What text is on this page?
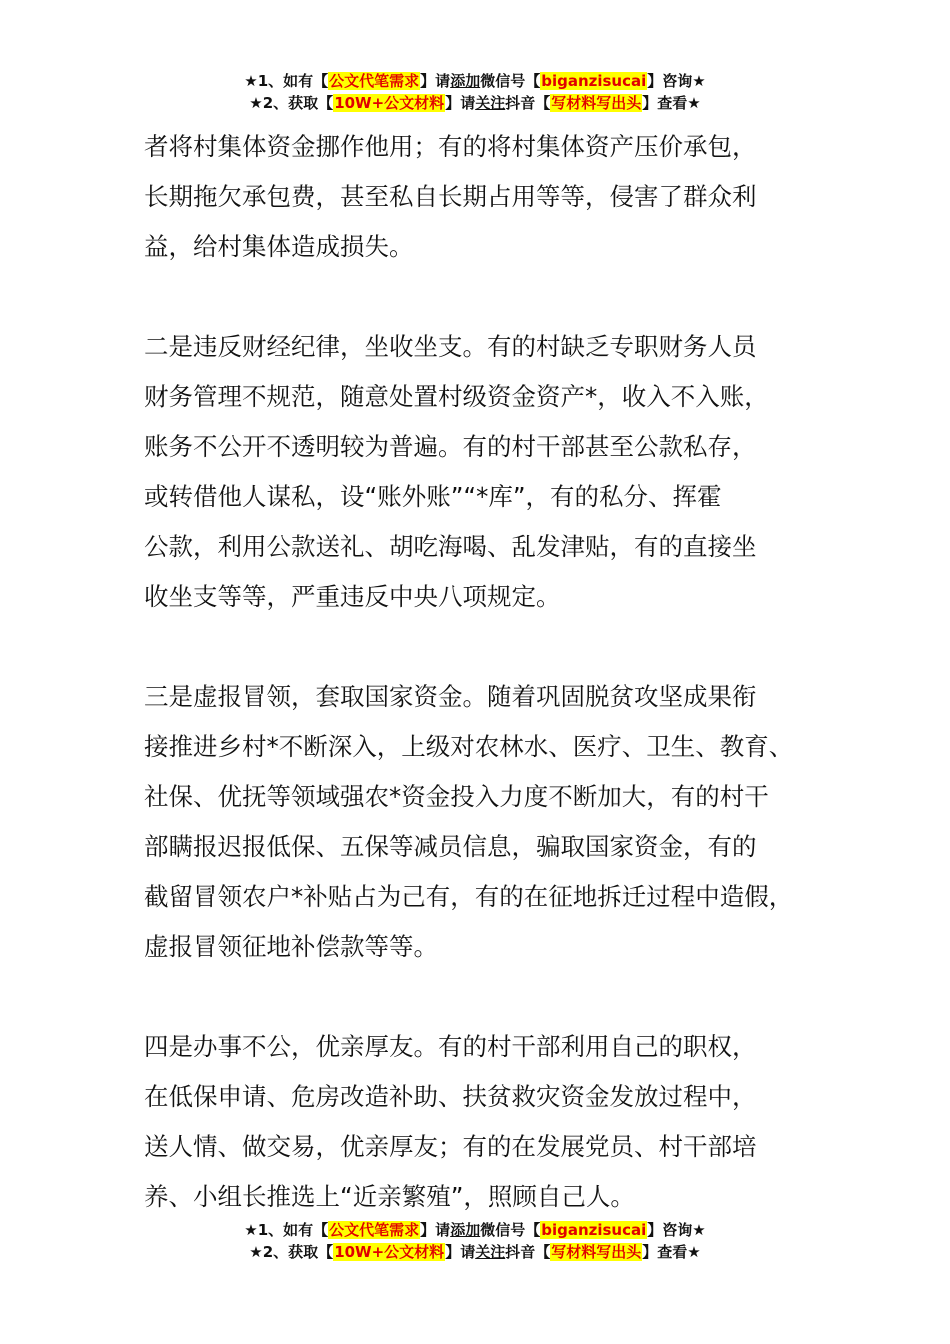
★1、如有【公文代笔需求】请添加微信号【biganzisucai】咨询★
★2、获取【10W+公文材料】请关注抖音【写材料写出头】查看★
者将村集体资金挪作他用；有的将村集体资产压价承包，
长期拖欠承包费，甚至私自长期占用等等，侵害了群众利
益，给村集体造成损失。
二是违反财经纪律，坐收坐支。有的村缺乏专职财务人员
财务管理不规范，随意处置村级资金资产*，收入不入账，
账务不公开不透明较为普遍。有的村干部甚至公款私存，
或转借他人谋私，设“账外账”“*库”，有的私分、挥霍
公款，利用公款送礼、胡吃海喝、乱发津贴，有的直接坐
收坐支等等，严重违反中央八项规定。
三是虚报冒领，套取国家资金。随着巩固脱贫攻坚成果衔
接推进乡村*不断深入，上级对农林水、医疗、卫生、教育、
社保、优抚等领域强农*资金投入力度不断加大，有的村干
部瞒报迟报低保、五保等减员信息，骗取国家资金，有的
截留冒领农户*补贴占为己有，有的在征地拆迁过程中造假，
虚报冒领征地补偿款等等。
四是办事不公，优亲厚友。有的村干部利用自己的职权，
在低保申请、危房改造补助、扶贫救灾资金发放过程中，
送人情、做交易，优亲厚友；有的在发展党员、村干部培
养、小组长推选上“近亲繁殖”，照顾自己人。
★1、如有【公文代笔需求】请添加微信号【biganzisucai】咨询★
★2、获取【10W+公文材料】请关注抖音【写材料写出头】查看★
